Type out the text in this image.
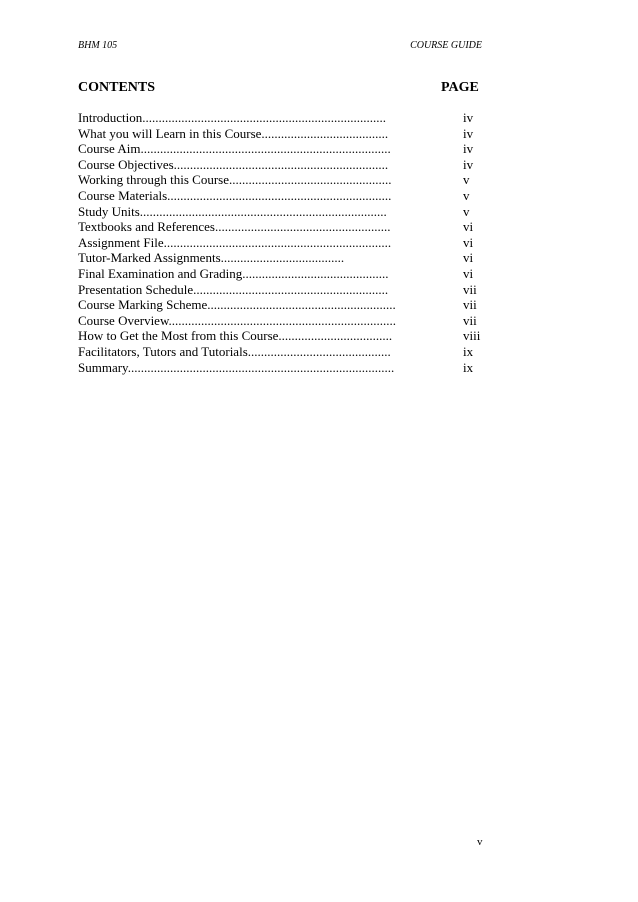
BHM 105	COURSE GUIDE
CONTENTS	PAGE
Introduction...........................................................................	iv
What you will Learn in this Course.......................................	iv
Course Aim.............................................................................	iv
Course Objectives..................................................................	iv
Working through this Course..................................................	v
Course Materials.....................................................................	v
Study Units............................................................................	v
Textbooks and References......................................................	vi
Assignment File......................................................................	vi
Tutor-Marked Assignments......................................	vi
Final Examination and Grading.............................................	vi
Presentation Schedule............................................................	vii
Course Marking Scheme..........................................................	vii
Course Overview......................................................................	vii
How to Get the Most from this Course...................................	viii
Facilitators, Tutors and Tutorials............................................	ix
Summary..................................................................................	ix
v
